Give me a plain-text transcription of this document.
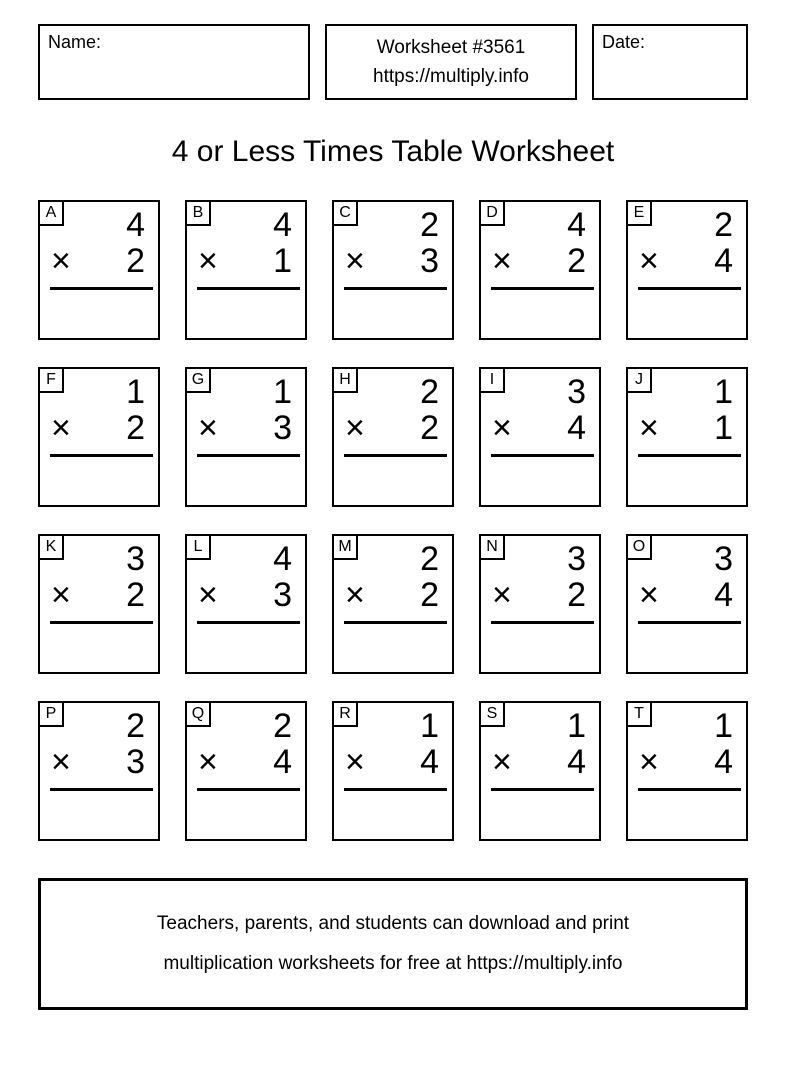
Name:	Worksheet #3561
https://multiply.info
Date:
4 or Less Times Table Worksheet
A	4
× 2
B	4
× 1
C	2
× 3
D	4
× 2
E	2
× 4
F	1
× 2
G	1
× 3
H	2
× 2
I	3
× 4
J	1
× 1
K	3
× 2
L	4
× 3
M	2
× 2
N	3
× 2
O	3
× 4
P	2
× 3
Q	2
× 4
R	1
× 4
S	1
× 4
T	1
× 4
Teachers, parents, and students can download and print
multiplication worksheets for free at https://multiply.info
